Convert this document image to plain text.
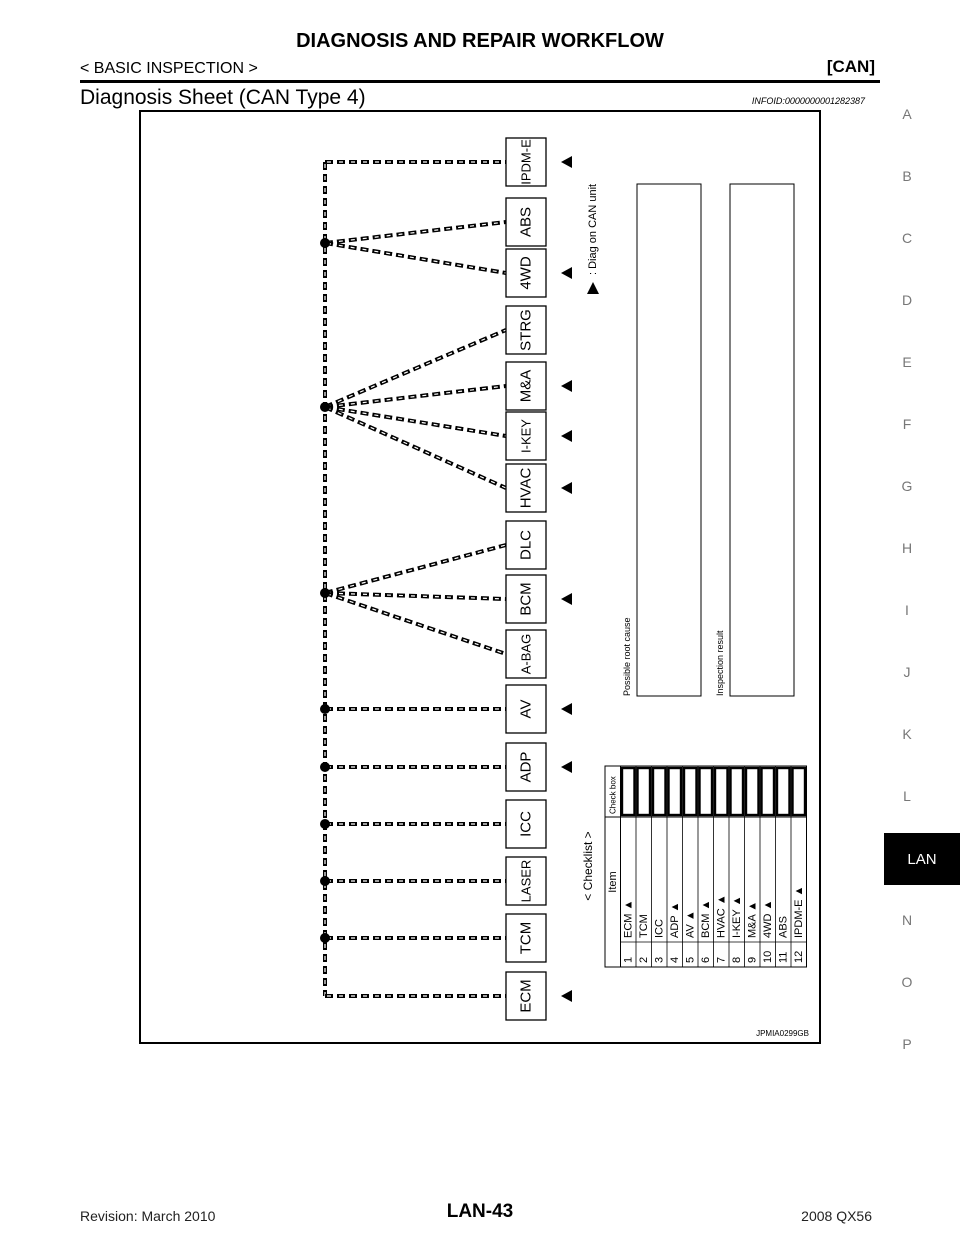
DIAGNOSIS AND REPAIR WORKFLOW
< BASIC INSPECTION >	[CAN]
Diagnosis Sheet (CAN Type 4)	INFOID:0000000001282387
A
B
C
D
E
F
G
H
I
J
K
L
N
O
P
LAN
IPDM-E
ABS
4WD
STRG
M&A
I-KEY
HVAC
DLC
BCM
A-BAG
AV
ADP
ICC
LASER
TCM
ECM
: Diag on CAN unit
Possible root cause	Inspection result
< Checklist >
Check box
Item
ECM ▲
1
TCM
2
ICC
3
ADP ▲
4
AV ▲
5
BCM ▲
6
HVAC ▲
7
I-KEY ▲
8
M&A ▲
9
4WD ▲
10
ABS
11
IPDM-E ▲
12
JPMIA0299GB
Revision: March 2010	LAN-43	2008 QX56
